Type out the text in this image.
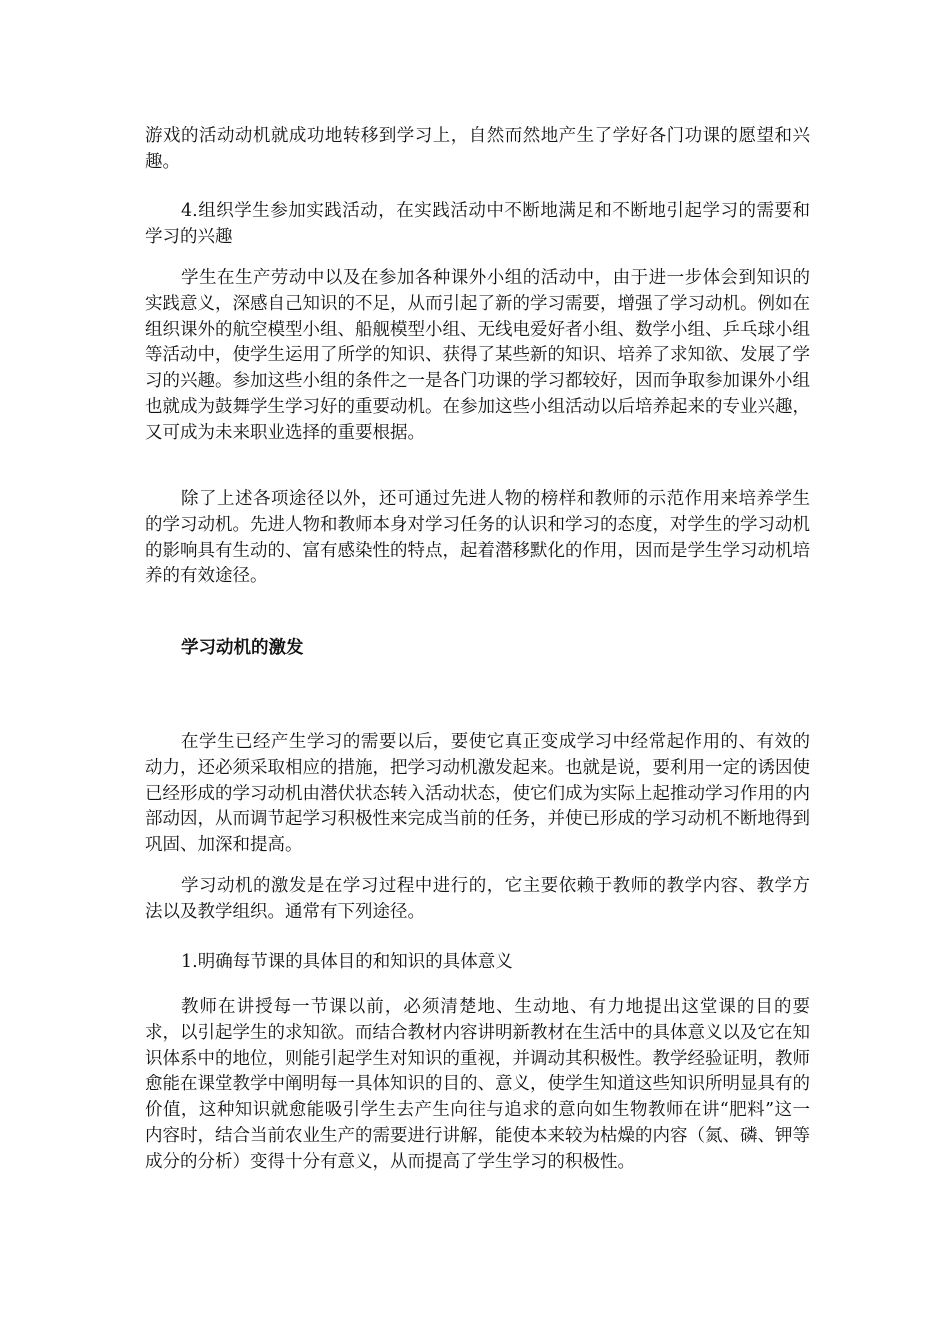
游戏的活动动机就成功地转移到学习上，自然而然地产生了学好各门功课的愿望和兴趣。

4.组织学生参加实践活动，在实践活动中不断地满足和不断地引起学习的需要和学习的兴趣

学生在生产劳动中以及在参加各种课外小组的活动中，由于进一步体会到知识的实践意义，深感自己知识的不足，从而引起了新的学习需要，增强了学习动机。例如在组织课外的航空模型小组、船舰模型小组、无线电爱好者小组、数学小组、乒乓球小组等活动中，使学生运用了所学的知识、获得了某些新的知识、培养了求知欲、发展了学习的兴趣。参加这些小组的条件之一是各门功课的学习都较好，因而争取参加课外小组也就成为鼓舞学生学习好的重要动机。在参加这些小组活动以后培养起来的专业兴趣，又可成为未来职业选择的重要根据。

除了上述各项途径以外，还可通过先进人物的榜样和教师的示范作用来培养学生的学习动机。先进人物和教师本身对学习任务的认识和学习的态度，对学生的学习动机的影响具有生动的、富有感染性的特点，起着潜移默化的作用，因而是学生学习动机培养的有效途径。

学习动机的激发

在学生已经产生学习的需要以后，要使它真正变成学习中经常起作用的、有效的动力，还必须采取相应的措施，把学习动机激发起来。也就是说，要利用一定的诱因使已经形成的学习动机由潜伏状态转入活动状态，使它们成为实际上起推动学习作用的内部动因，从而调节起学习积极性来完成当前的任务，并使已形成的学习动机不断地得到巩固、加深和提高。

学习动机的激发是在学习过程中进行的，它主要依赖于教师的教学内容、教学方法以及教学组织。通常有下列途径。

1.明确每节课的具体目的和知识的具体意义

教师在讲授每一节课以前，必须清楚地、生动地、有力地提出这堂课的目的要求，以引起学生的求知欲。而结合教材内容讲明新教材在生活中的具体意义以及它在知识体系中的地位，则能引起学生对知识的重视，并调动其积极性。教学经验证明，教师愈能在课堂教学中阐明每一具体知识的目的、意义，使学生知道这些知识所明显具有的价值，这种知识就愈能吸引学生去产生向往与追求的意向如生物教师在讲“肥料”这一内容时，结合当前农业生产的需要进行讲解，能使本来较为枯燥的内容（氮、磷、钾等成分的分析）变得十分有意义，从而提高了学生学习的积极性。
